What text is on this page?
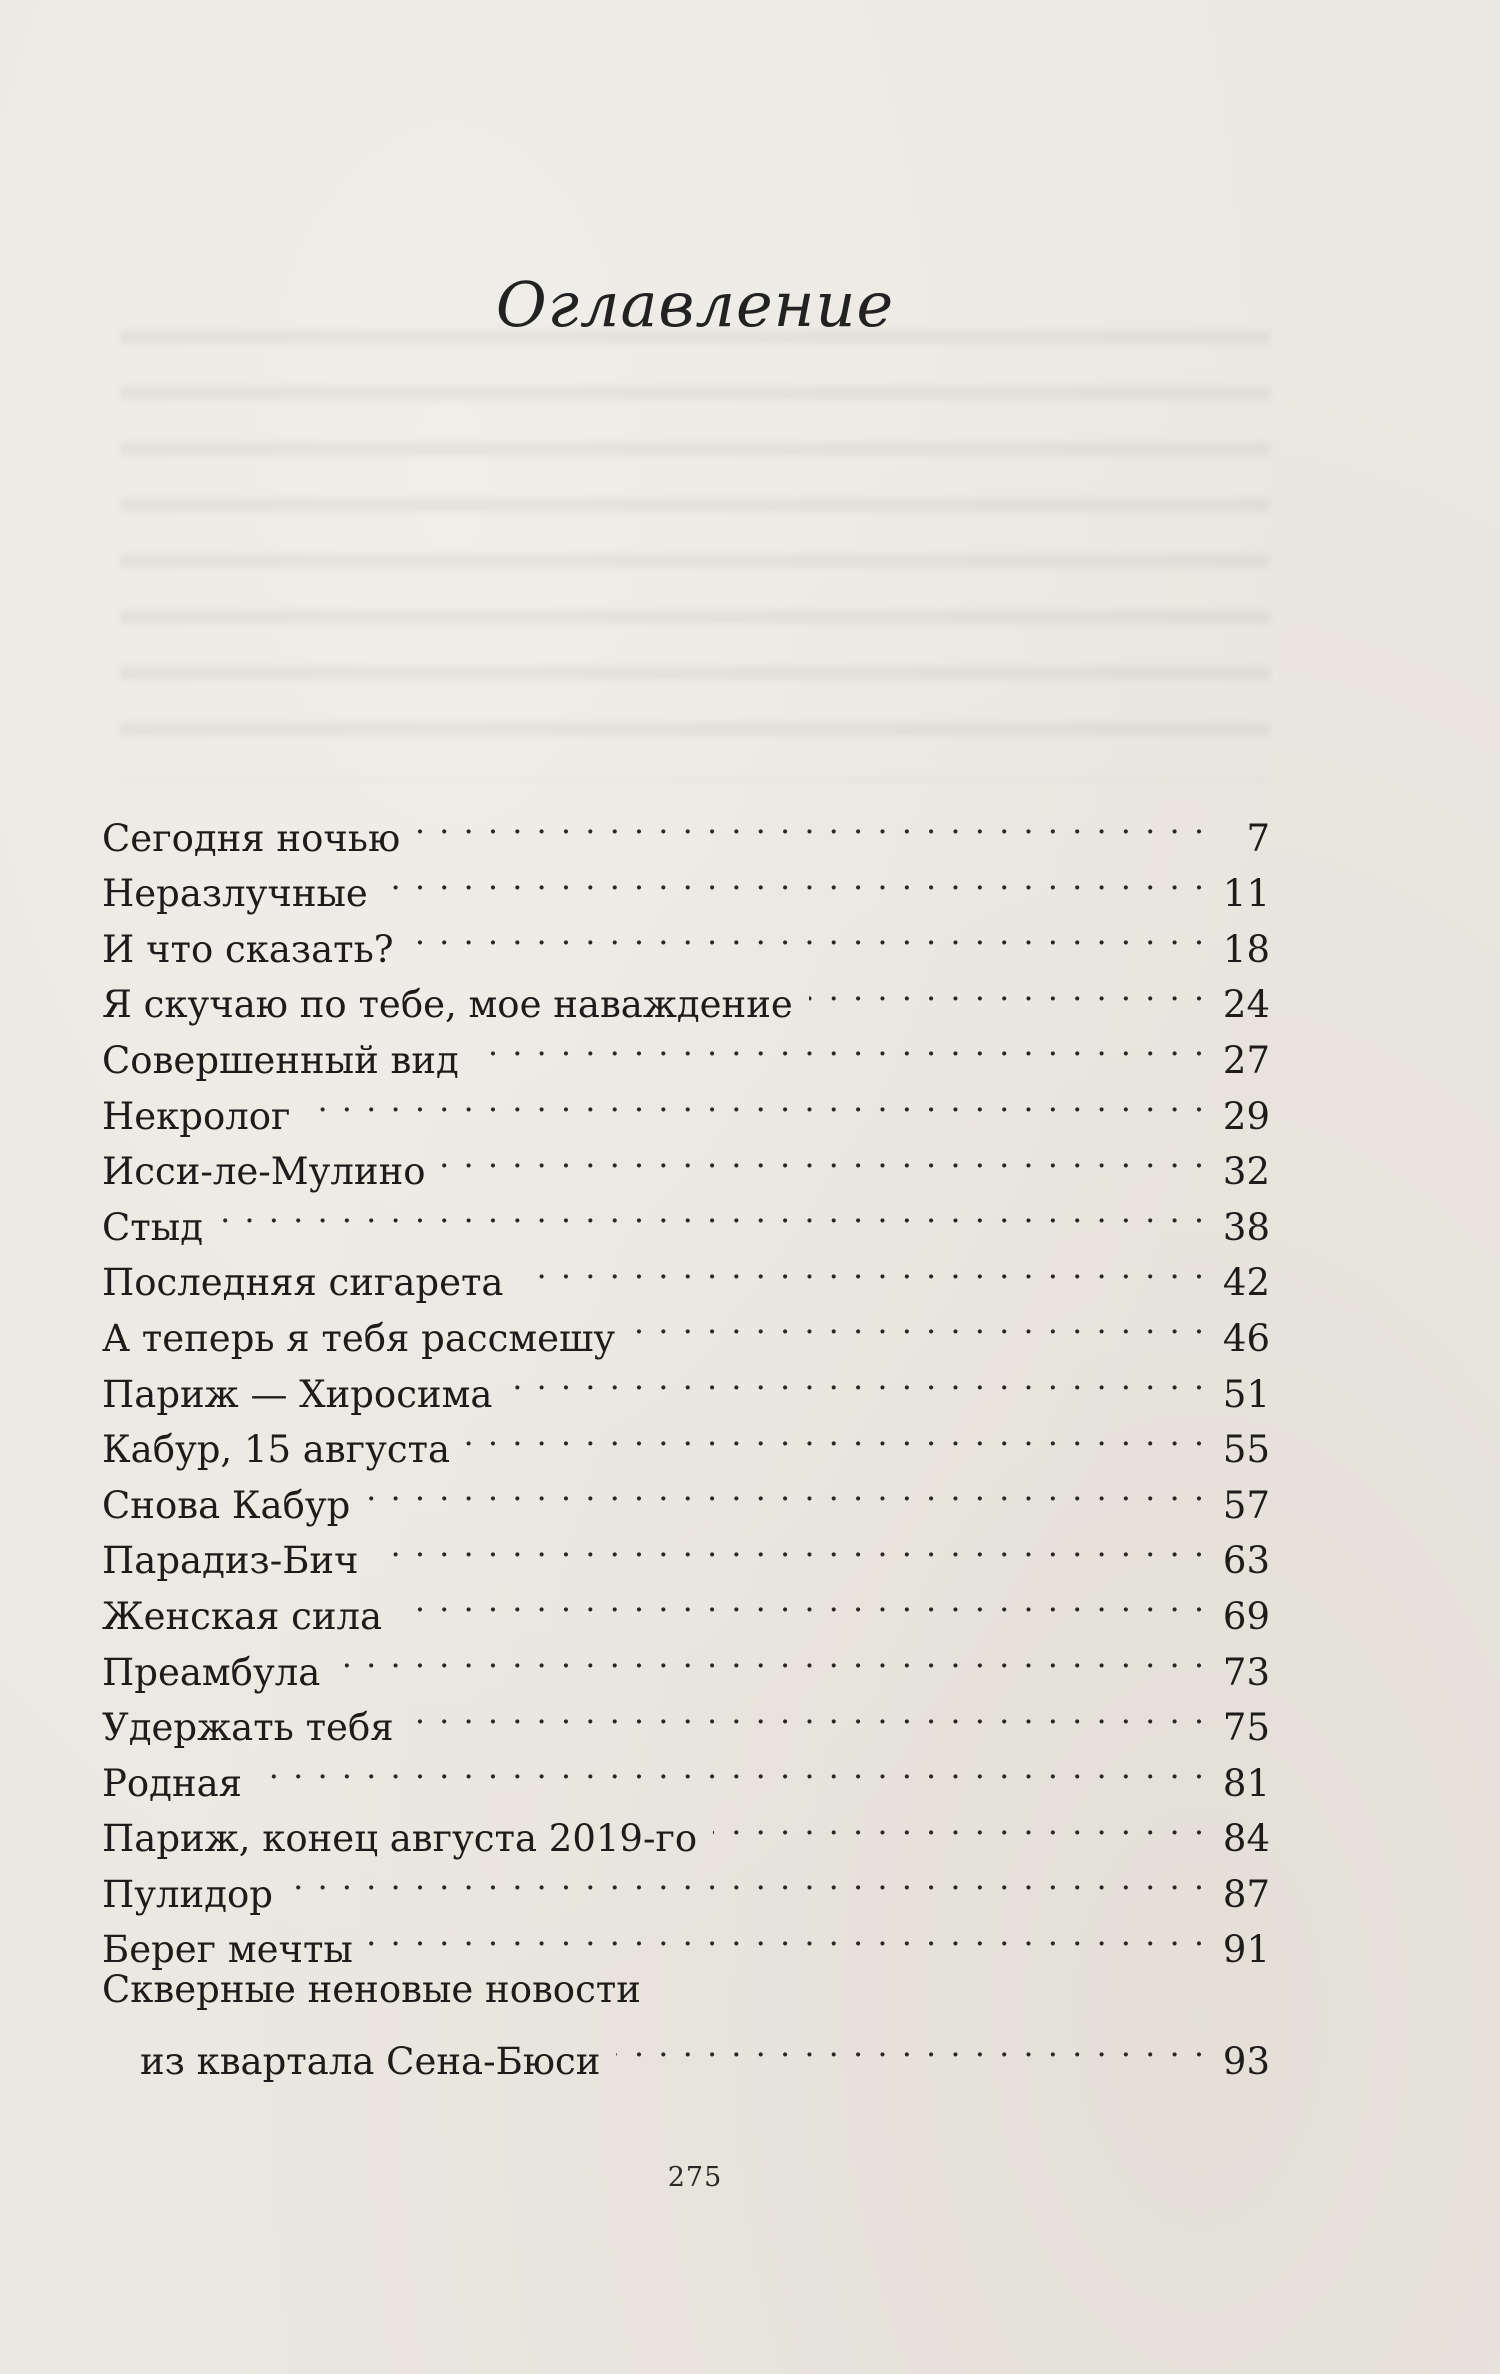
Оглавление
Сегодня ночью . . .	7
Неразлучные . . .	11
И что сказать? . . .	18
Я скучаю по тебе, мое наваждение . . .	24
Совершенный вид . . .	27
Некролог . . .	29
Исси-ле-Мулино . . .	32
Стыд . . .	38
Последняя сигарета . . .	42
А теперь я тебя рассмешу . . .	46
Париж — Хиросима . . .	51
Кабур, 15 августа . . .	55
Снова Кабур . . .	57
Парадиз-Бич . . .	63
Женская сила . . .	69
Преамбула . . .	73
Удержать тебя . . .	75
Родная . . .	81
Париж, конец августа 2019-го . . .	84
Пулидор . . .	87
Берег мечты . . .	91
Скверные неновые новости
из квартала Сена-Бюси . . .	93
275
